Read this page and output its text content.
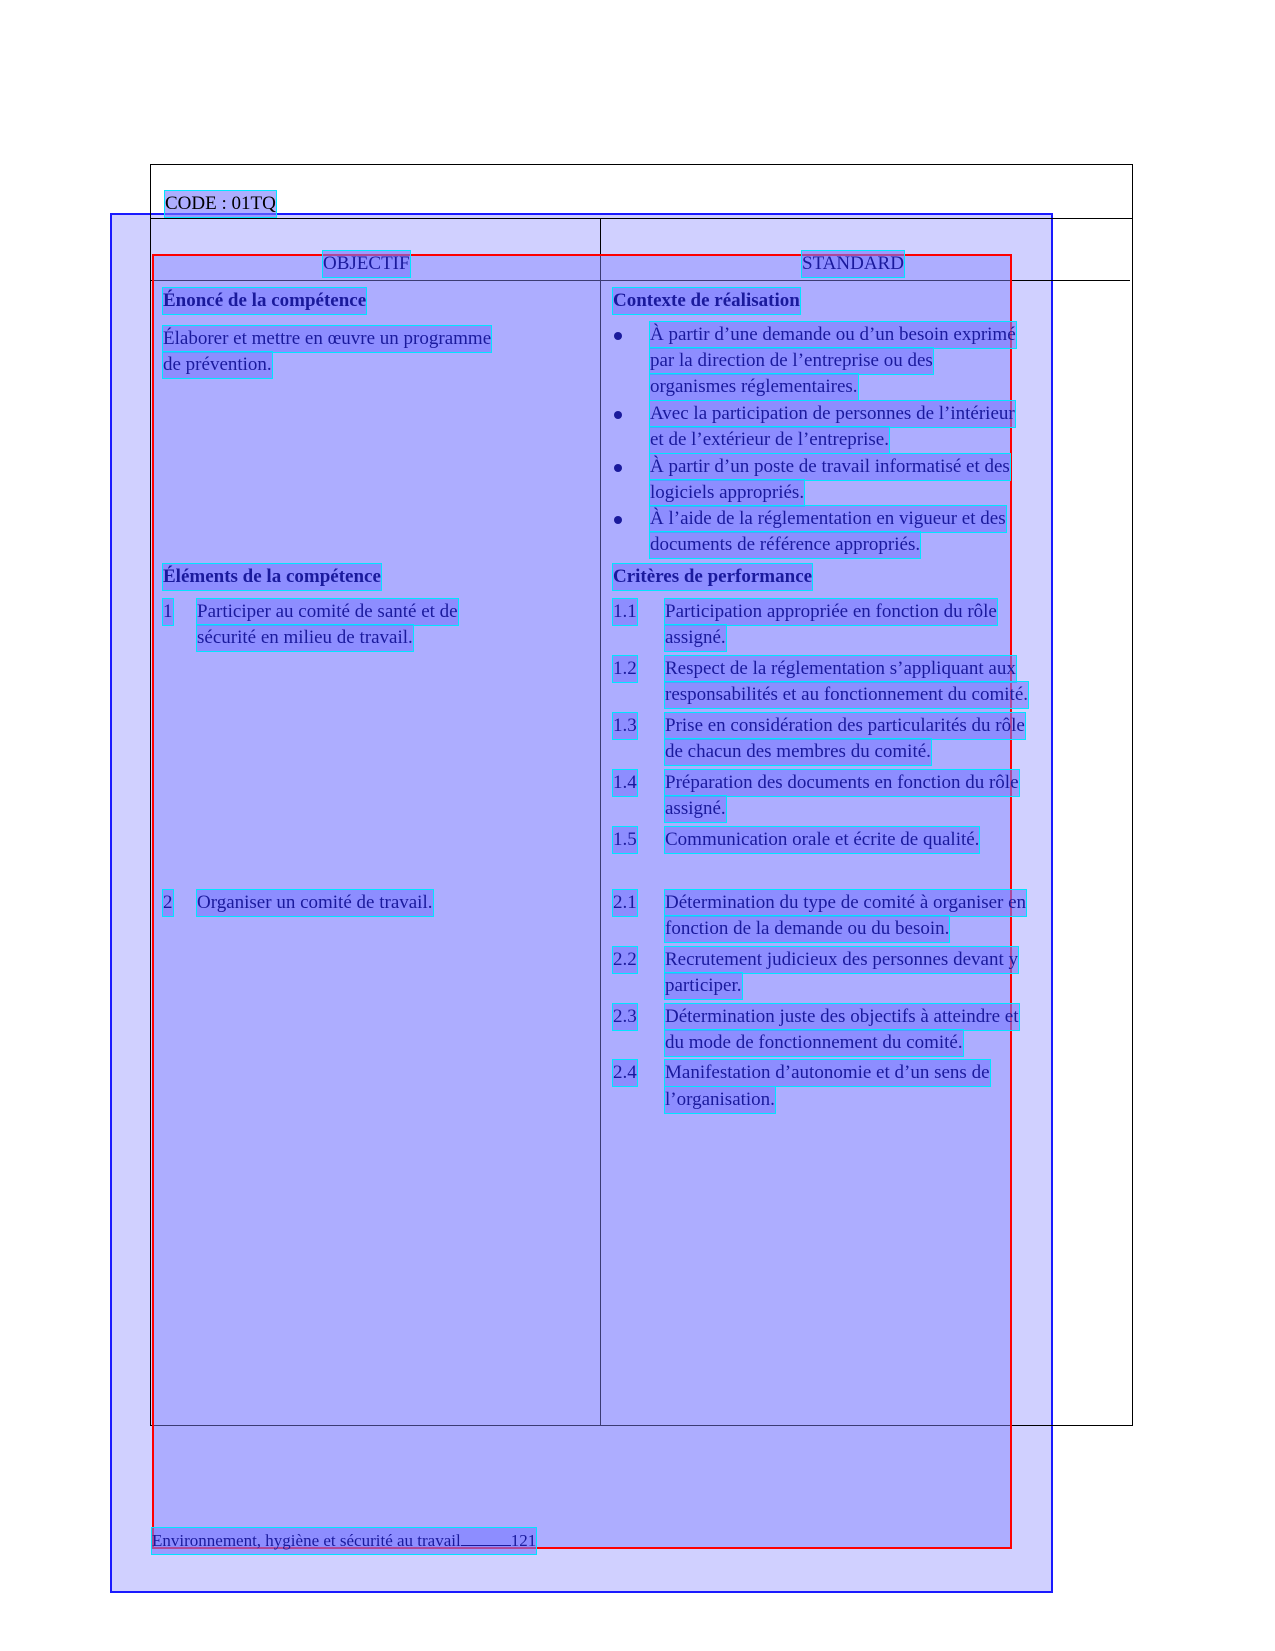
CODE : 01TQ
OBJECTIF	STANDARD
Énoncé de la compétence
Élaborer et mettre en œuvre un programme
de prévention.
Contexte de réalisation
À partir d’une demande ou d’un besoin exprimé
par la direction de l’entreprise ou des
organismes réglementaires.
Avec la participation de personnes de l’intérieur
et de l’extérieur de l’entreprise.
À partir d’un poste de travail informatisé et des
logiciels appropriés.
À l’aide de la réglementation en vigueur et des
documents de référence appropriés.
Éléments de la compétence
1 Participer au comité de santé et de
sécurité en milieu de travail.
2 Organiser un comité de travail.
Critères de performance
1.1 Participation appropriée en fonction du rôle
assigné.
1.2 Respect de la réglementation s’appliquant aux
responsabilités et au fonctionnement du comité.
1.3 Prise en considération des particularités du rôle
de chacun des membres du comité.
1.4 Préparation des documents en fonction du rôle
assigné.
1.5 Communication orale et écrite de qualité.
2.1 Détermination du type de comité à organiser en
fonction de la demande ou du besoin.
2.2 Recrutement judicieux des personnes devant y
participer.
2.3 Détermination juste des objectifs à atteindre et
du mode de fonctionnement du comité.
2.4 Manifestation d’autonomie et d’un sens de
l’organisation.
Environnement, hygiène et sécurité au travail	121
